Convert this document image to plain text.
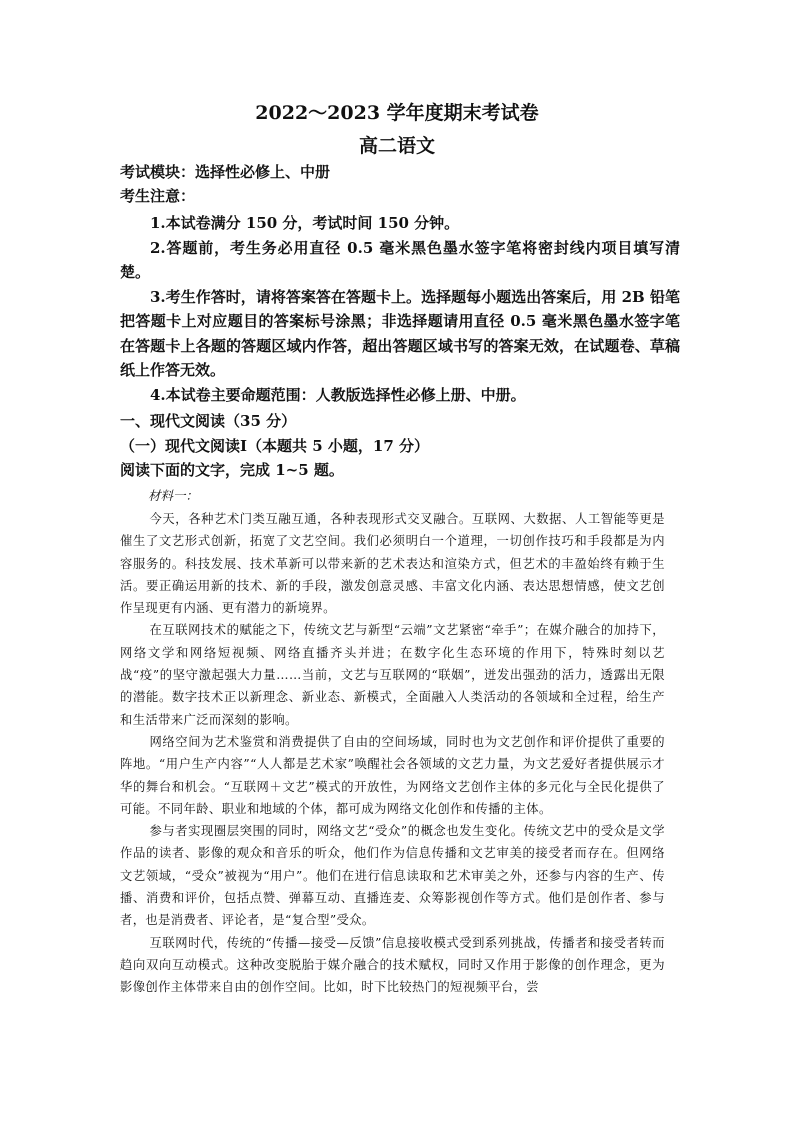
2022～2023 学年度期末考试卷
高二语文
考试模块：选择性必修上、中册
考生注意：

1.本试卷满分 150 分，考试时间 150 分钟。

2.答题前，考生务必用直径 0.5 毫米黑色墨水签字笔将密封线内项目填写清楚。

3.考生作答时，请将答案答在答题卡上。选择题每小题选出答案后，用 2B 铅笔把答题卡上对应题目的答案标号涂黑；非选择题请用直径 0.5 毫米黑色墨水签字笔在答题卡上各题的答题区域内作答，超出答题区域书写的答案无效，在试题卷、草稿纸上作答无效。

4.本试卷主要命题范围：人教版选择性必修上册、中册。

一、现代文阅读（35 分）
（一）现代文阅读Ⅰ（本题共 5 小题，17 分）
阅读下面的文字，完成 1~5 题。
材料一：

今天，各种艺术门类互融互通，各种表现形式交叉融合。互联网、大数据、人工智能等更是催生了文艺形式创新，拓宽了文艺空间。我们必须明白一个道理，一切创作技巧和手段都是为内容服务的。科技发展、技术革新可以带来新的艺术表达和渲染方式，但艺术的丰盈始终有赖于生活。要正确运用新的技术、新的手段，激发创意灵感、丰富文化内涵、表达思想情感，使文艺创作呈现更有内涵、更有潜力的新境界。

在互联网技术的赋能之下，传统文艺与新型“云端”文艺紧密“牵手”；在媒介融合的加持下，网络文学和网络短视频、网络直播齐头并进；在数字化生态环境的作用下，特殊时刻以艺战“疫”的坚守激起强大力量……当前，文艺与互联网的“联姻”，迸发出强劲的活力，透露出无限的潜能。数字技术正以新理念、新业态、新模式，全面融入人类活动的各领域和全过程，给生产和生活带来广泛而深刻的影响。

网络空间为艺术鉴赏和消费提供了自由的空间场域，同时也为文艺创作和评价提供了重要的阵地。“用户生产内容”“人人都是艺术家”唤醒社会各领域的文艺力量，为文艺爱好者提供展示才华的舞台和机会。“互联网＋文艺”模式的开放性，为网络文艺创作主体的多元化与全民化提供了可能。不同年龄、职业和地域的个体，都可成为网络文化创作和传播的主体。

参与者实现圈层突围的同时，网络文艺“受众”的概念也发生变化。传统文艺中的受众是文学作品的读者、影像的观众和音乐的听众，他们作为信息传播和文艺审美的接受者而存在。但网络文艺领域，“受众”被视为“用户”。他们在进行信息读取和艺术审美之外，还参与内容的生产、传播、消费和评价，包括点赞、弹幕互动、直播连麦、众筹影视创作等方式。他们是创作者、参与者，也是消费者、评论者，是“复合型”受众。

互联网时代，传统的“传播—接受—反馈”信息接收模式受到系列挑战，传播者和接受者转而趋向双向互动模式。这种改变脱胎于媒介融合的技术赋权，同时又作用于影像的创作理念，更为影像创作主体带来自由的创作空间。比如，时下比较热门的短视频平台，尝
